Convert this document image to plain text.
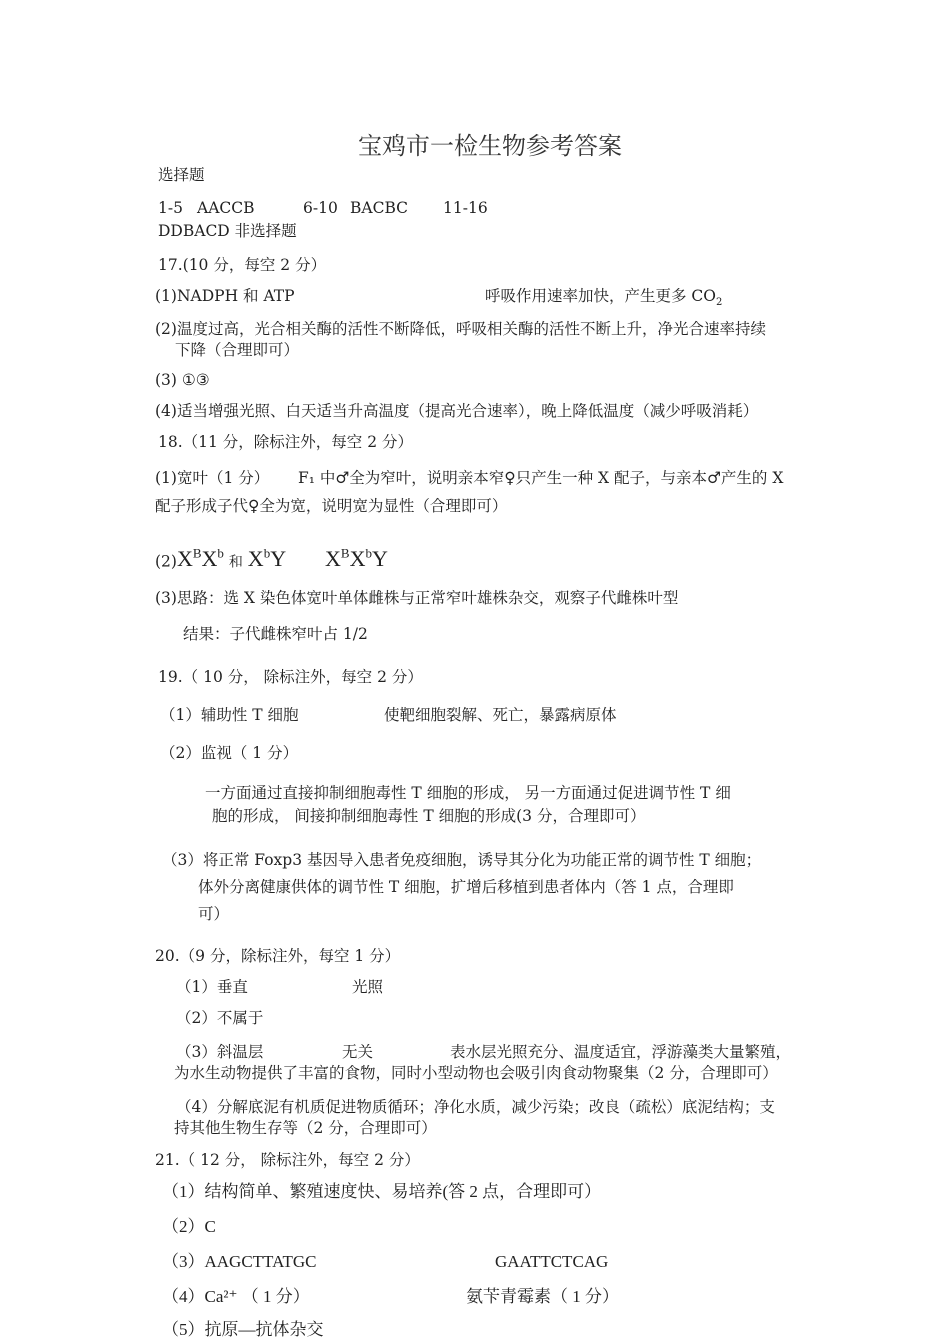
宝鸡市一检生物参考答案
选择题
1-5 AACCB	6-10 BACBC 11-16
DDBACD 非选择题
17.(10 分，每空 2 分）
(1)NADPH 和 ATP	呼吸作用速率加快，产生更多 $CO_2$
(2)温度过高，光合相关酶的活性不断降低，呼吸相关酶的活性不断上升，净光合速率持续
下降（合理即可）
(3) ①③
(4)适当增强光照、白天适当升高温度（提高光合速率），晚上降低温度（减少呼吸消耗）
18.（11 分，除标注外，每空 2 分）
(1)宽叶（1 分） F₁ 中♂全为窄叶，说明亲本窄♀只产生一种 X 配子，与亲本♂产生的 X
配子形成子代♀全为宽，说明宽为显性（合理即可）
$(2)X^BX^b$ 和 $X^bY$ $X^BX^bY$
(3)思路：选 X 染色体宽叶单体雌株与正常窄叶雄株杂交，观察子代雌株叶型
结果：子代雌株窄叶占 1/2
19.（ 10 分， 除标注外，每空 2 分）
（1）辅助性 T 细胞	使靶细胞裂解、死亡，暴露病原体
（2）监视（ 1 分）
一方面通过直接抑制细胞毒性 T 细胞的形成， 另一方面通过促进调节性 T 细
胞的形成， 间接抑制细胞毒性 T 细胞的形成(3 分，合理即可）
（3）将正常 Foxp3 基因导入患者免疫细胞，诱导其分化为功能正常的调节性 T 细胞；
体外分离健康供体的调节性 T 细胞，扩增后移植到患者体内（答 1 点，合理即
可）
20.（9 分，除标注外，每空 1 分）
（1）垂直	光照
（2）不属于
（3）斜温层	无关	表水层光照充分、温度适宜，浮游藻类大量繁殖，
为水生动物提供了丰富的食物，同时小型动物也会吸引肉食动物聚集（2 分，合理即可）
（4）分解底泥有机质促进物质循环；净化水质，减少污染；改良（疏松）底泥结构；支
持其他生物生存等（2 分，合理即可）
21.（ 12 分， 除标注外，每空 2 分）
（1）结构简单、繁殖速度快、易培养(答 2 点，合理即可）
（2）C
（3）AAGCTTATGC	GAATTCTCAG
（4）Ca²⁺ （ 1 分）	氨苄青霉素（ 1 分）
（5）抗原—抗体杂交
